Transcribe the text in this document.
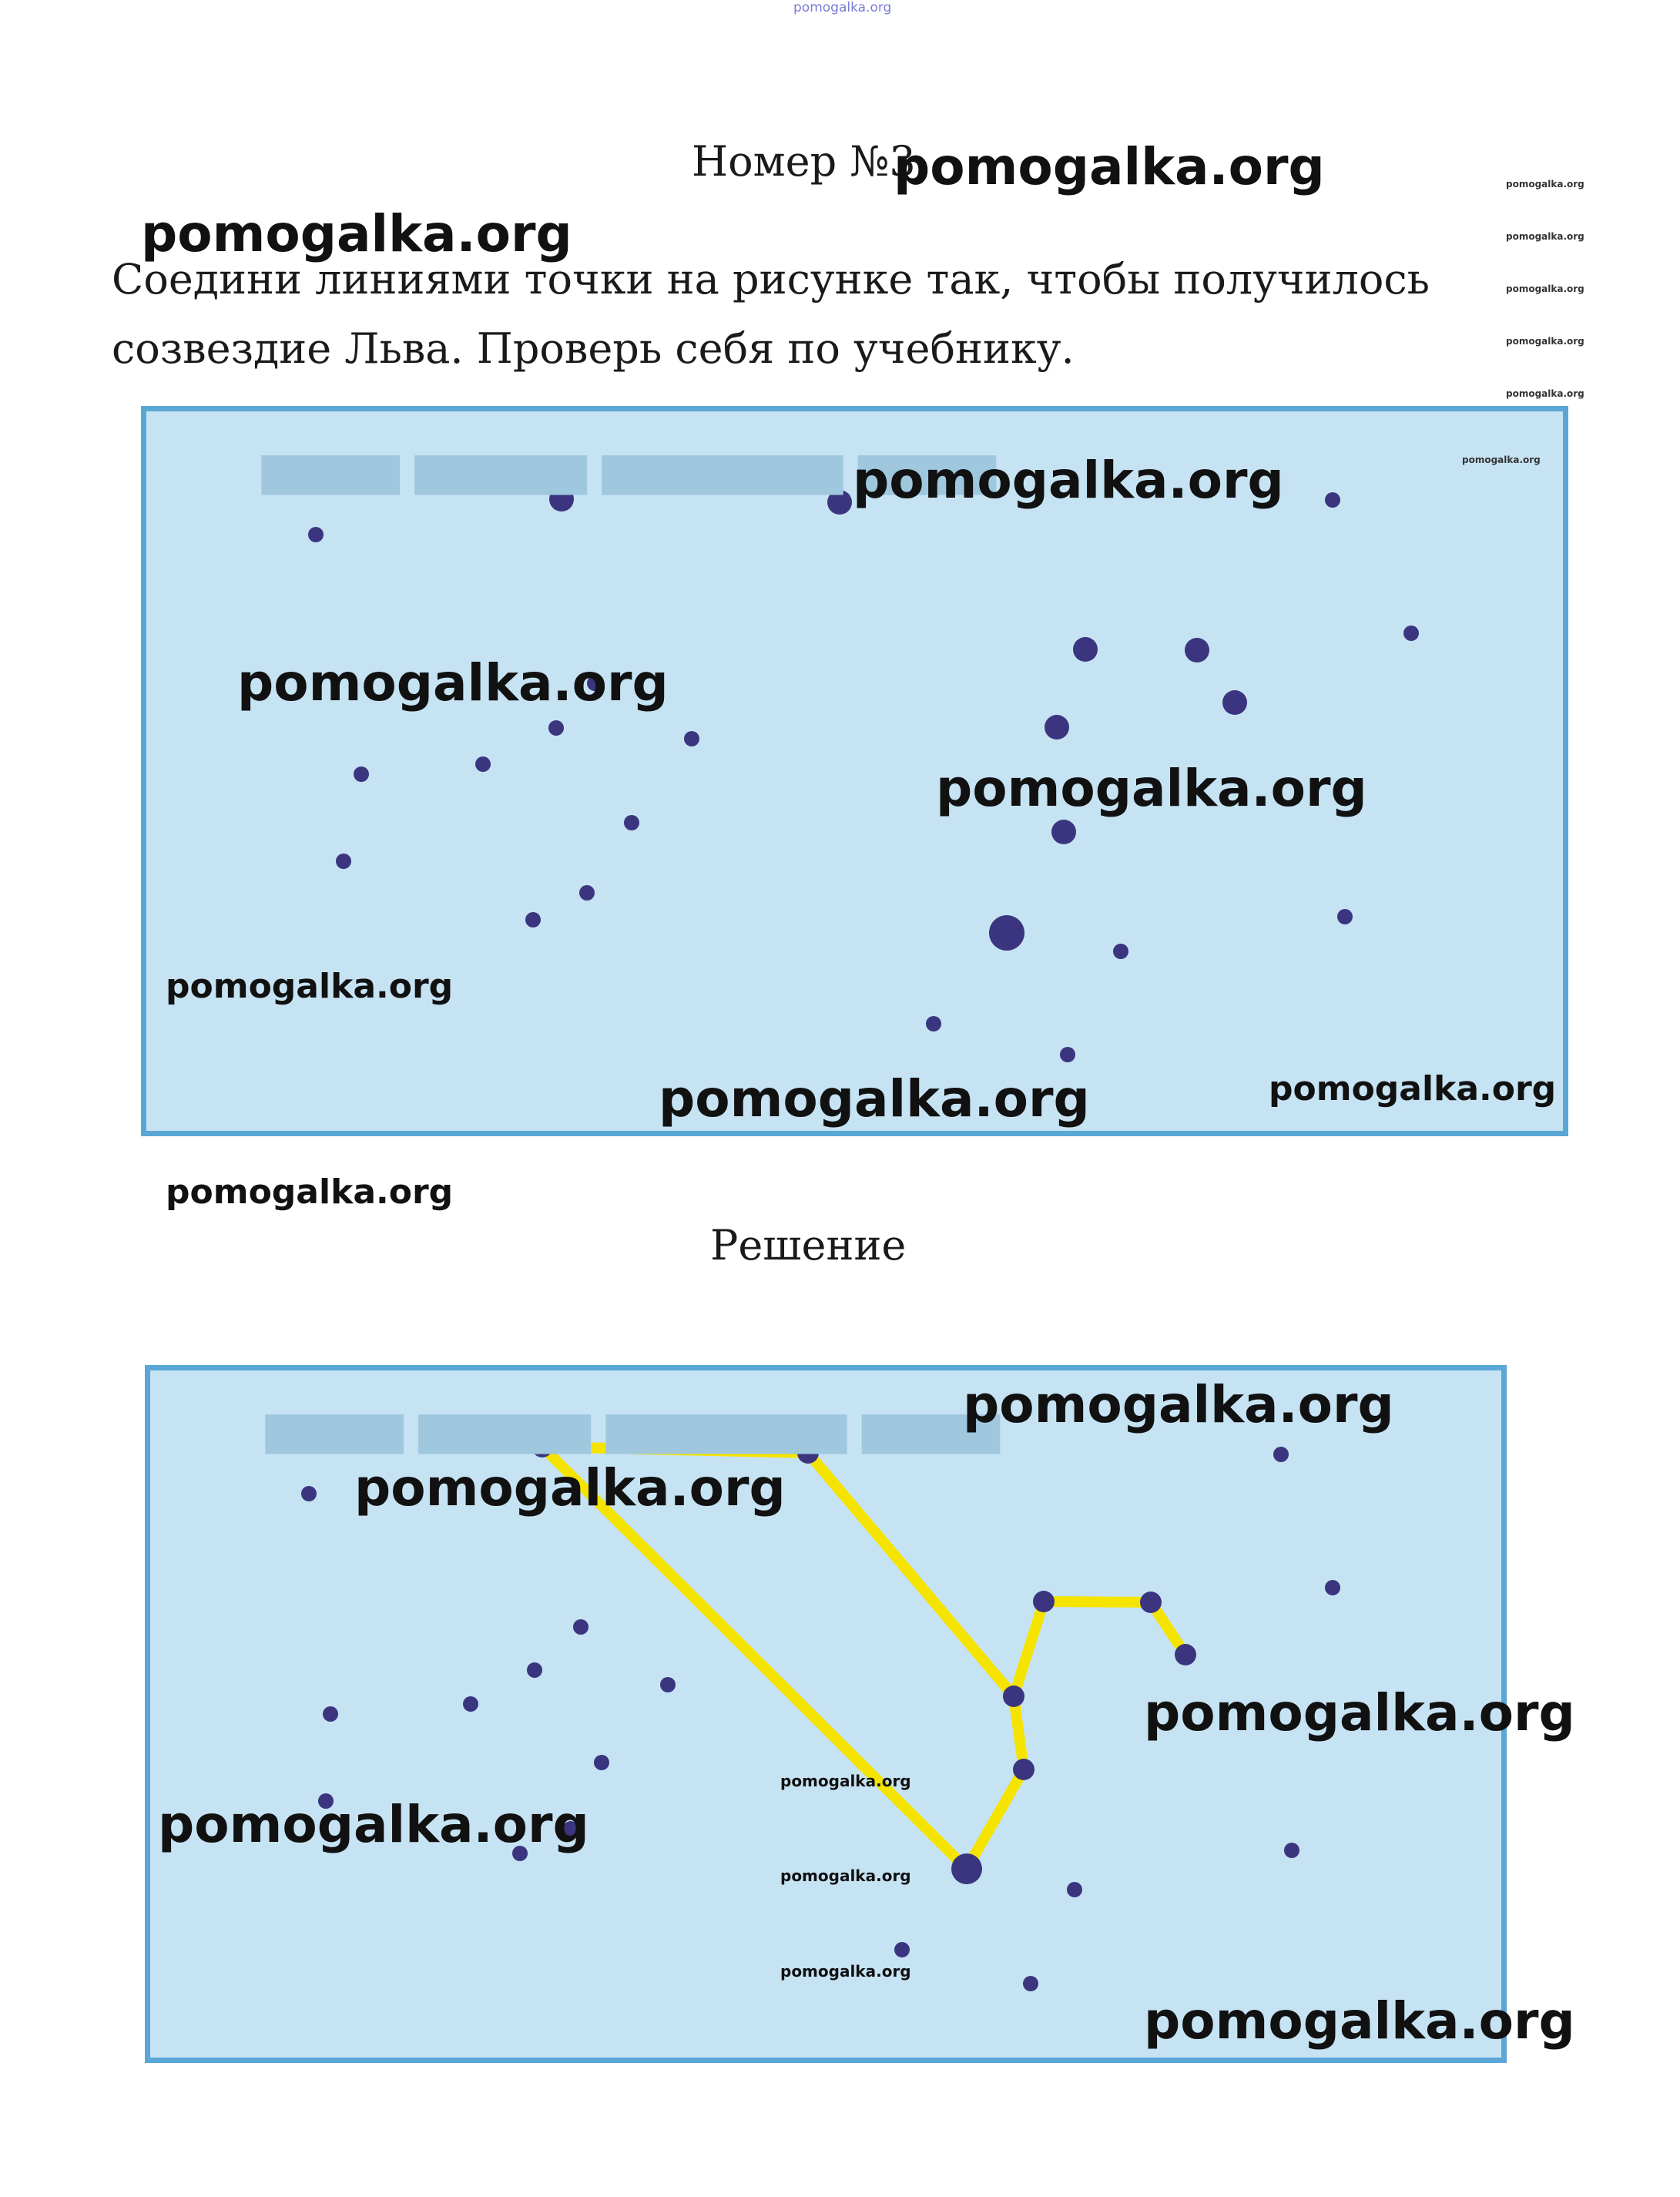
pomogalka.org
Номер №3
pomogalka.org	pomogalka.org
pomogalka.org
pomogalka.org
pomogalka.org
pomogalka.org
pomogalka.org
Соедини линиями точки на рисунке так, чтобы получилось созвездие Льва. Проверь себя по учебнику.
▆▆▆▆ ▆▆▆▆▆ ▆▆▆▆▆▆▆ ▆▆▆▆	pomogalka.org
pomogalka.org
pomogalka.org
pomogalka.org
pomogalka.org
pomogalka.org	pomogalka.org
pomogalka.org
Решение
▆▆▆▆ ▆▆▆▆▆ ▆▆▆▆▆▆▆ ▆▆▆▆
pomogalka.org
pomogalka.org
pomogalka.org
pomogalka.org
pomogalka.org
pomogalka.org
pomogalka.org
pomogalka.org
